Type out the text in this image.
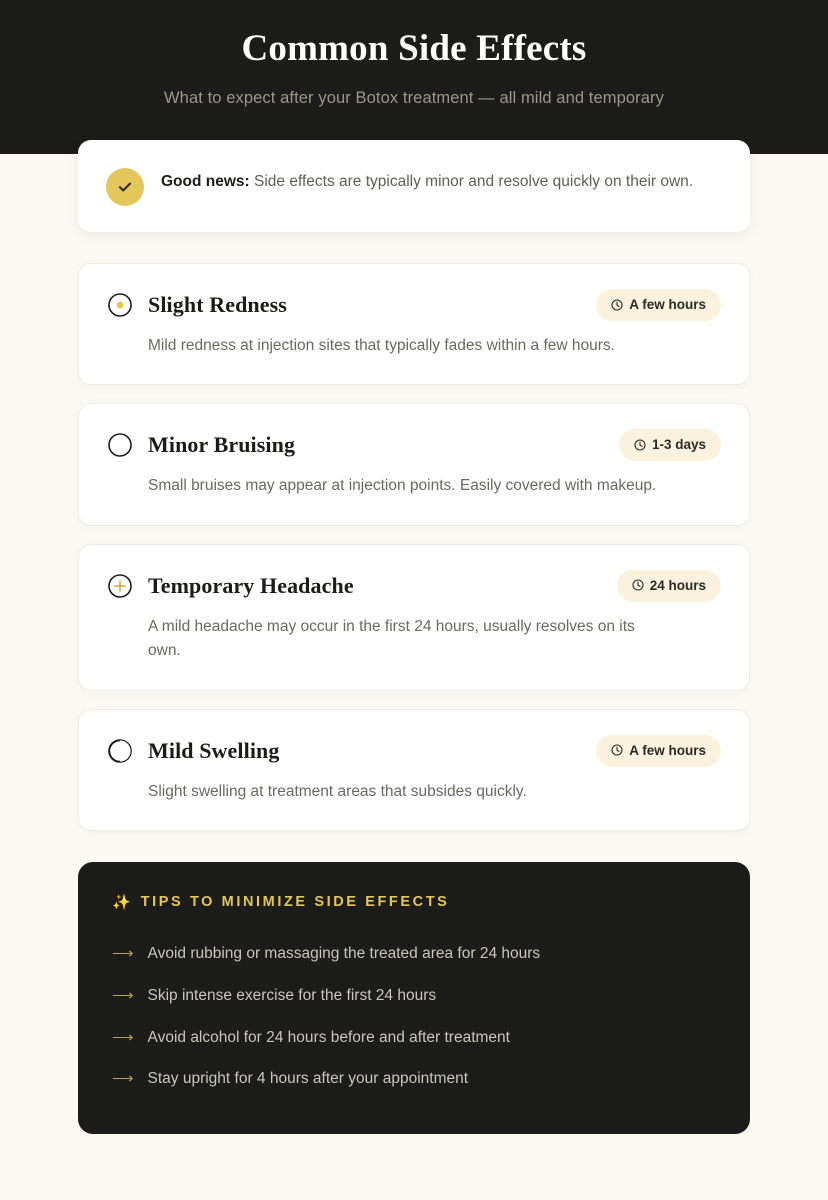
Common Side Effects
What to expect after your Botox treatment — all mild and temporary
Good news: Side effects are typically minor and resolve quickly on their own.
Slight Redness	A few hours
Mild redness at injection sites that typically fades within a few hours.
Minor Bruising	1-3 days
Small bruises may appear at injection points. Easily covered with makeup.
Temporary Headache	24 hours
A mild headache may occur in the first 24 hours, usually resolves on its own.
Mild Swelling	A few hours
Slight swelling at treatment areas that subsides quickly.
✨ TIPS TO MINIMIZE SIDE EFFECTS
⟶ Avoid rubbing or massaging the treated area for 24 hours
⟶ Skip intense exercise for the first 24 hours
⟶ Avoid alcohol for 24 hours before and after treatment
⟶ Stay upright for 4 hours after your appointment
